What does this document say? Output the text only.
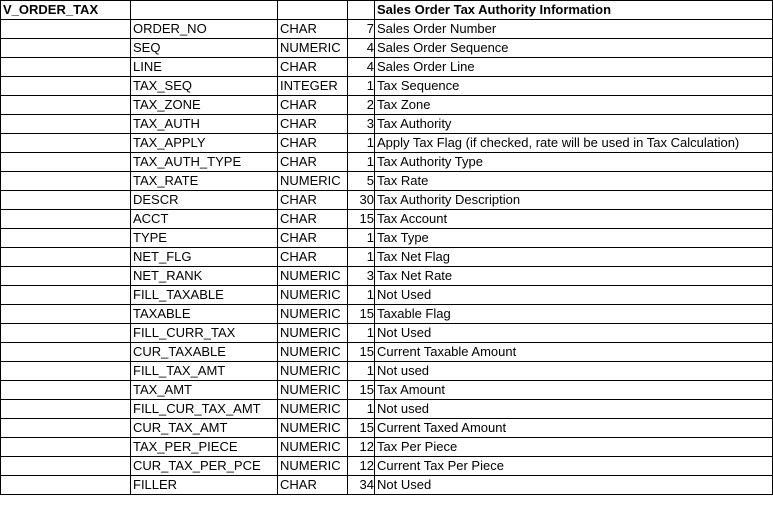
V_ORDER_TAX				Sales Order Tax Authority Information
	ORDER_NO	CHAR	7	Sales Order Number
	SEQ	NUMERIC	4	Sales Order Sequence
	LINE	CHAR	4	Sales Order Line
	TAX_SEQ	INTEGER	1	Tax Sequence
	TAX_ZONE	CHAR	2	Tax Zone
	TAX_AUTH	CHAR	3	Tax Authority
	TAX_APPLY	CHAR	1	Apply Tax Flag (if checked, rate will be used in Tax Calculation)
	TAX_AUTH_TYPE	CHAR	1	Tax Authority Type
	TAX_RATE	NUMERIC	5	Tax Rate
	DESCR	CHAR	30	Tax Authority Description
	ACCT	CHAR	15	Tax Account
	TYPE	CHAR	1	Tax Type
	NET_FLG	CHAR	1	Tax Net Flag
	NET_RANK	NUMERIC	3	Tax Net Rate
	FILL_TAXABLE	NUMERIC	1	Not Used
	TAXABLE	NUMERIC	15	Taxable Flag
	FILL_CURR_TAX	NUMERIC	1	Not Used
	CUR_TAXABLE	NUMERIC	15	Current Taxable Amount
	FILL_TAX_AMT	NUMERIC	1	Not used
	TAX_AMT	NUMERIC	15	Tax Amount
	FILL_CUR_TAX_AMT	NUMERIC	1	Not used
	CUR_TAX_AMT	NUMERIC	15	Current Taxed Amount
	TAX_PER_PIECE	NUMERIC	12	Tax Per Piece
	CUR_TAX_PER_PCE	NUMERIC	12	Current Tax Per Piece
	FILLER	CHAR	34	Not Used
